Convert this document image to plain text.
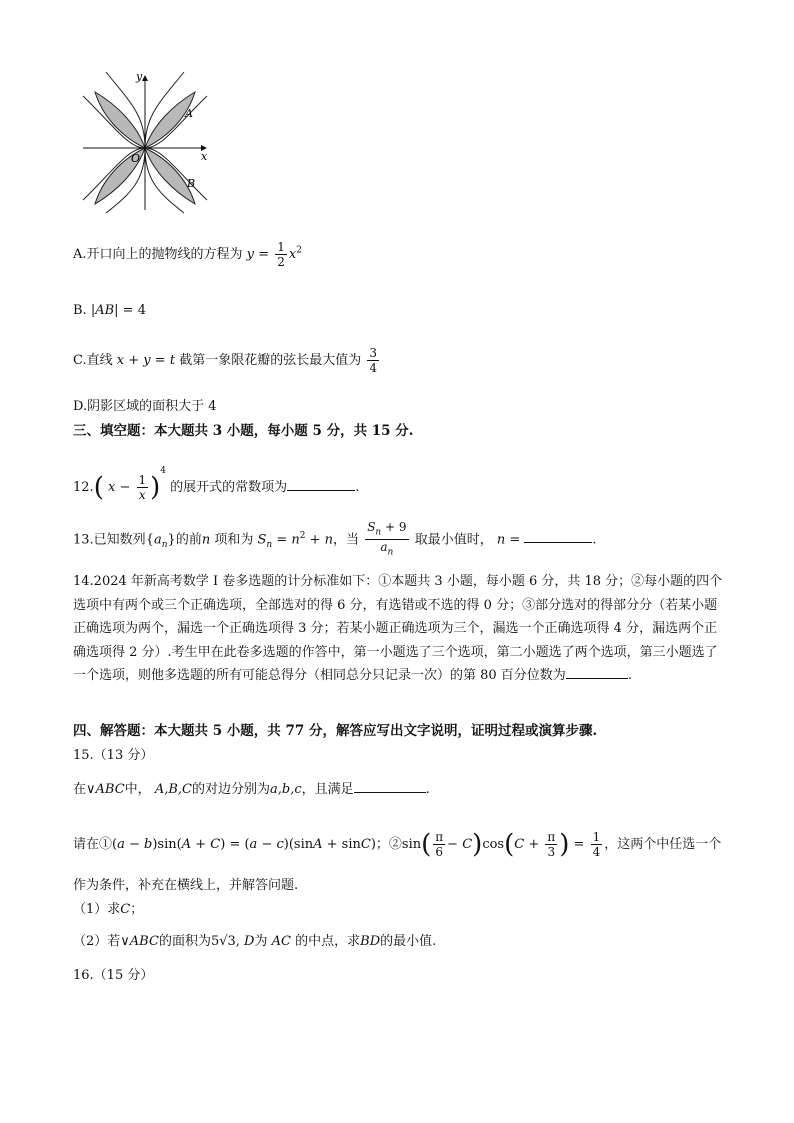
x
y
O
A
B
A.开口向上的抛物线的方程为 $y = \frac{1}{2} x^2$
B. |AB| = 4
C.直线 x + y = t 截第一象限花瓣的弦长最大值为 $\frac{3}{4}$
D.阴影区域的面积大于 4
三、填空题：本大题共 3 小题，每小题 5 分，共 15 分.
12.( $x - \frac{1}{x} )^4$ 的展开式的常数项为	.
13.已知数列$\{a_n\}$的前n 项和为 $S_n = n^2 + n$，当 $\frac{S_n + 9}{a_n}$ 取最小值时， n =	.
14.2024 年新高考数学 I 卷多选题的计分标准如下：①本题共 3 小题，每小题 6 分，共 18 分；②每小题的四个选项中有两个或三个正确选项，全部选对的得 6 分，有选错或不选的得 0 分；③部分选对的得部分分（若某小题正确选项为两个，漏选一个正确选项得 3 分；若某小题正确选项为三个，漏选一个正确选项得 4 分，漏选两个正确选项得 2 分）.考生甲在此卷多选题的作答中，第一小题选了三个选项，第二小题选了两个选项，第三小题选了一个选项，则他多选题的所有可能总得分（相同总分只记录一次）的第 80 百分位数为	.
四、解答题：本大题共 5 小题，共 77 分，解答应写出文字说明，证明过程或演算步骤.
15.（13 分）
在∨ABC中， A,B,C的对边分别为a,b,c，且满足	.
请在①(a − b)sin(A + C) = (a − c)(sinA + sinC)；②sin( $\frac{\pi}{6} - C)\cos(C + \frac{\pi}{3}$ ) = $\frac{1}{4}$ ，这两个中任选一个
作为条件，补充在横线上，并解答问题.
（1）求C；
（2）若∨ABC的面积为5√3, D为 AC 的中点，求BD的最小值.
16.（15 分）
